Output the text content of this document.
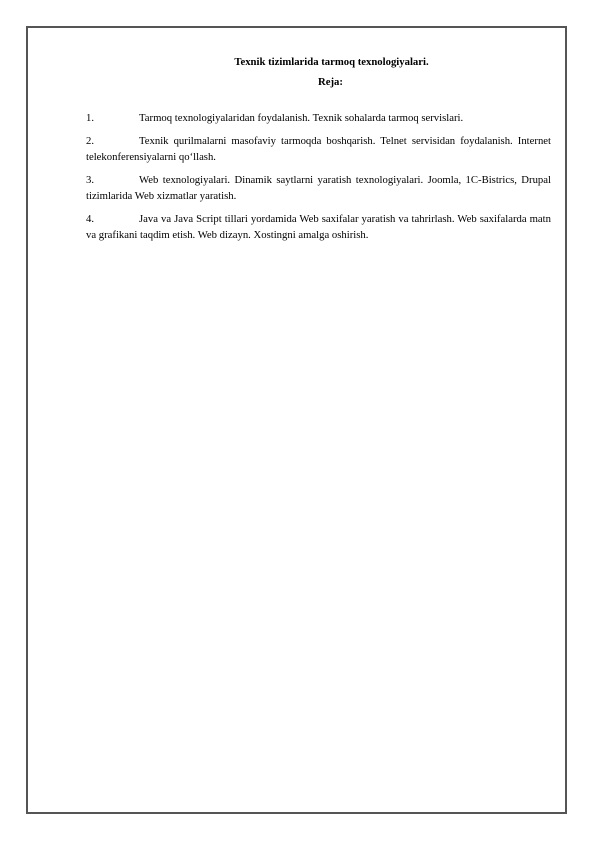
Texnik tizimlarida tarmoq texnologiyalari.

Reja:

1.	Tarmoq texnologiyalaridan foydalanish. Texnik sohalarda tarmoq servislari.
2.	Texnik qurilmalarni masofaviy tarmoqda boshqarish. Telnet servisidan foydalanish. Internet telekonferensiyalarni qo‘llash.
3.	Web texnologiyalari. Dinamik saytlarni yaratish texnologiyalari. Joomla, 1C-Bistrics, Drupal tizimlarida Web xizmatlar yaratish.
4.	Java va Java Script tillari yordamida Web saxifalar yaratish va tahrirlash. Web saxifalarda matn va grafikani taqdim etish. Web dizayn. Xostingni amalga oshirish.
